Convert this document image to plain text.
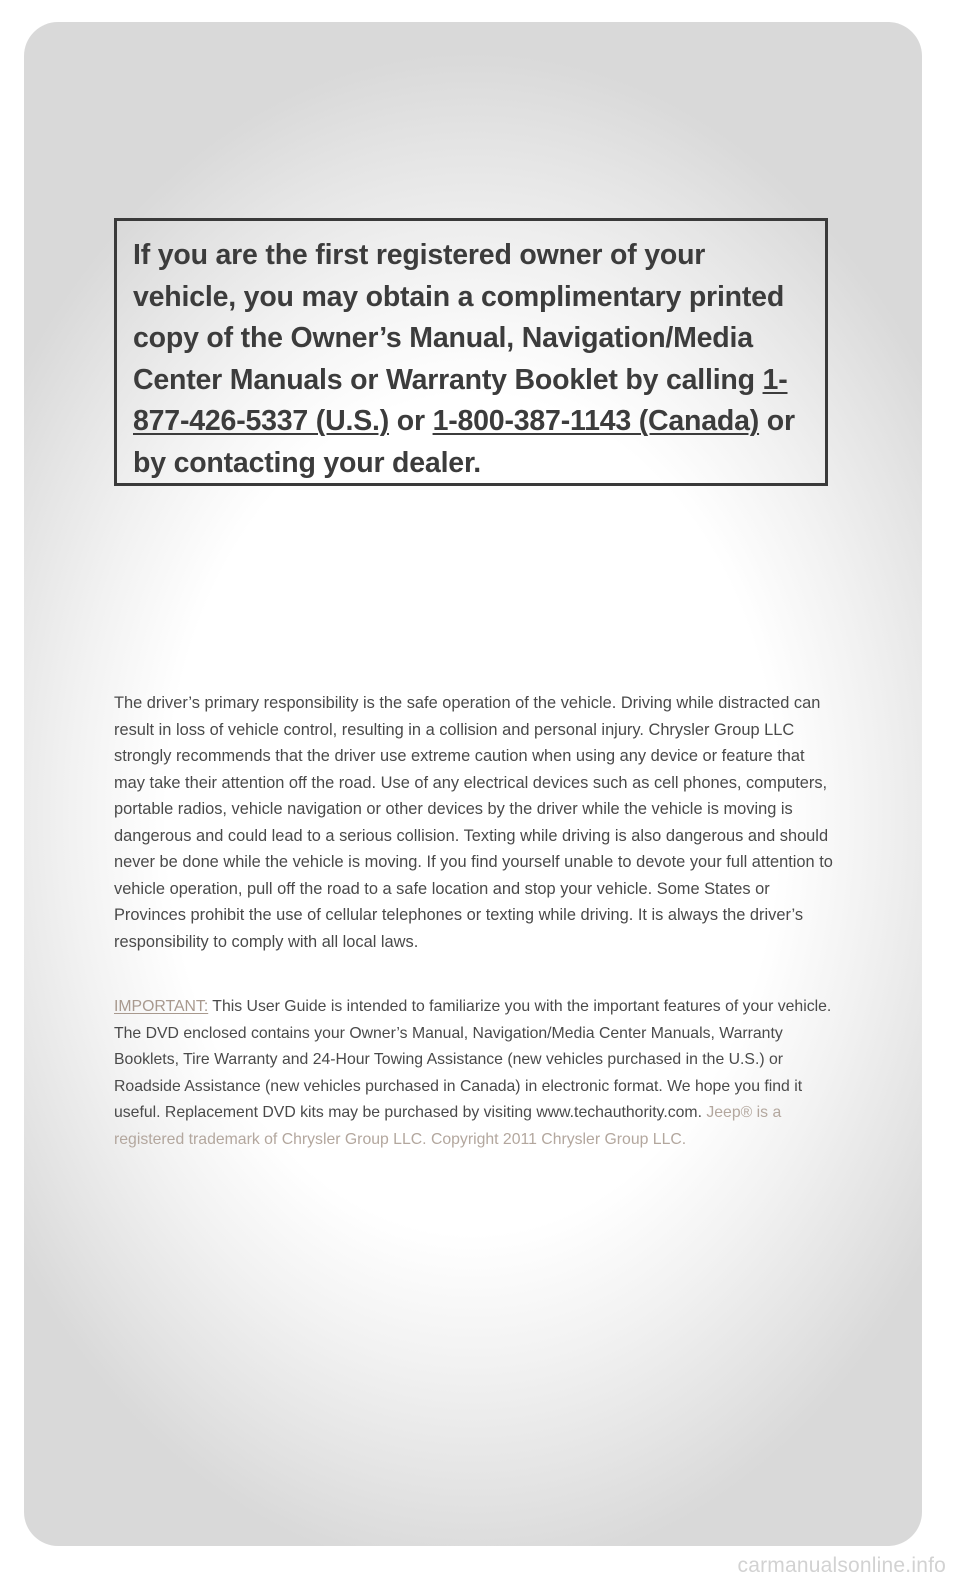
If you are the first registered owner of your vehicle, you may obtain a complimentary printed copy of the Owner’s Manual, Navigation/Media Center Manuals or Warranty Booklet by calling 1-877-426-5337 (U.S.) or 1-800-387-1143 (Canada) or by contacting your dealer.

The driver’s primary responsibility is the safe operation of the vehicle. Driving while distracted can result in loss of vehicle control, resulting in a collision and personal injury. Chrysler Group LLC strongly recommends that the driver use extreme caution when using any device or feature that may take their attention off the road. Use of any electrical devices such as cell phones, computers, portable radios, vehicle navigation or other devices by the driver while the vehicle is moving is dangerous and could lead to a serious collision. Texting while driving is also dangerous and should never be done while the vehicle is moving. If you find yourself unable to devote your full attention to vehicle operation, pull off the road to a safe location and stop your vehicle. Some States or Provinces prohibit the use of cellular telephones or texting while driving. It is always the driver’s responsibility to comply with all local laws.

IMPORTANT: This User Guide is intended to familiarize you with the important features of your vehicle. The DVD enclosed contains your Owner’s Manual, Navigation/Media Center Manuals, Warranty Booklets, Tire Warranty and 24-Hour Towing Assistance (new vehicles purchased in the U.S.) or Roadside Assistance (new vehicles purchased in Canada) in electronic format. We hope you find it useful. Replacement DVD kits may be purchased by visiting www.techauthority.com. Jeep® is a registered trademark of Chrysler Group LLC. Copyright 2011 Chrysler Group LLC.

carmanualsonline.info
